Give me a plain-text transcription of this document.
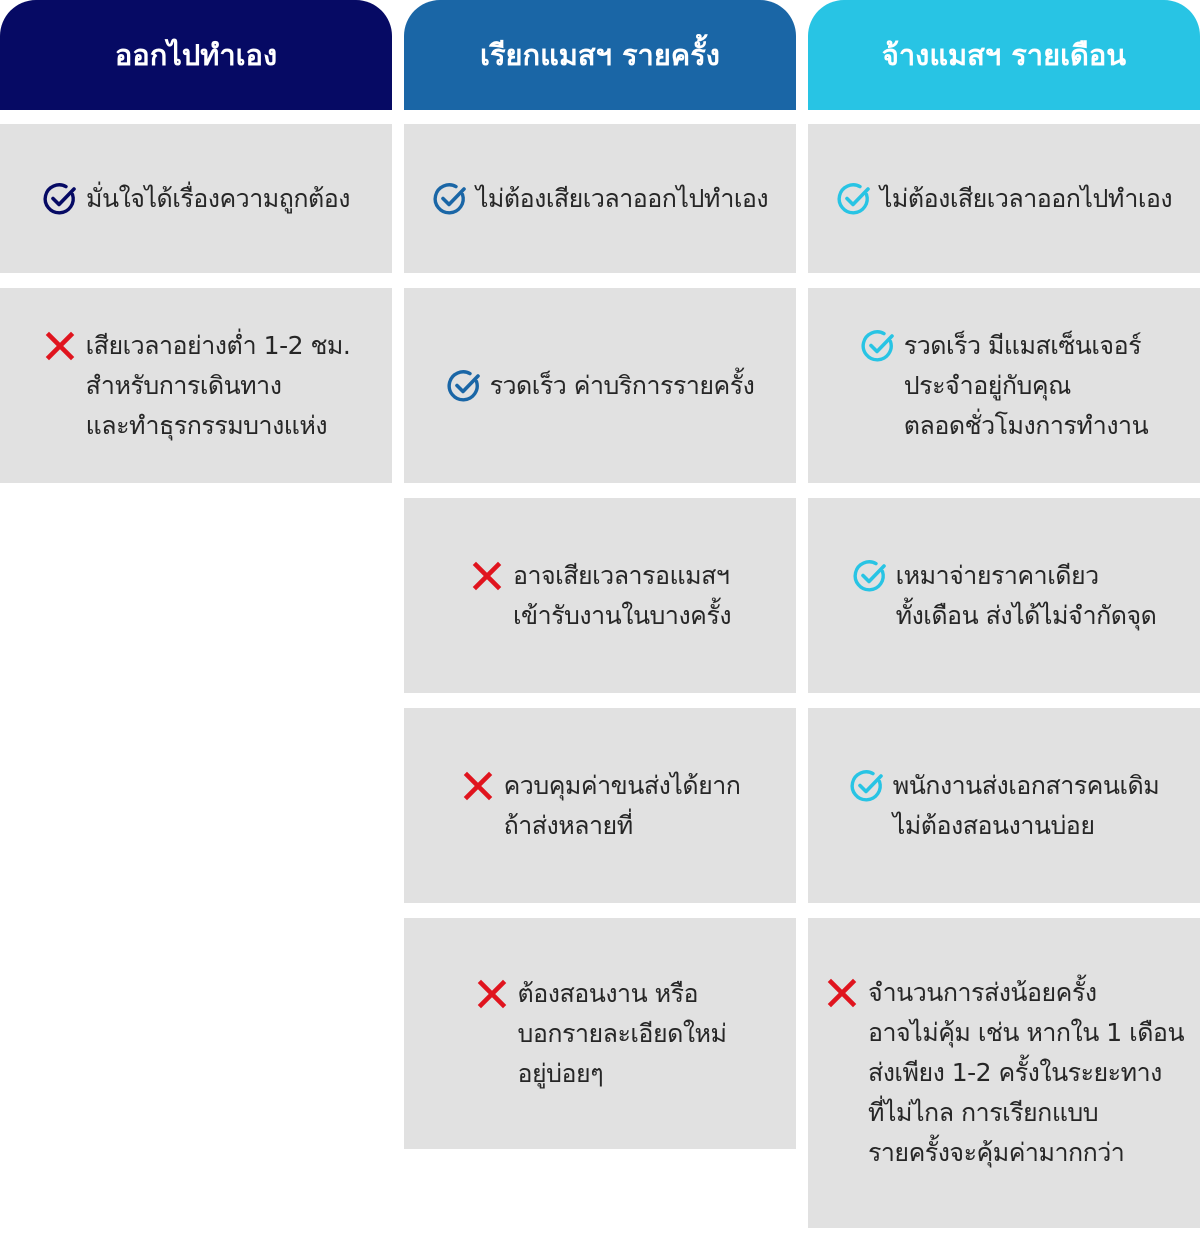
ออกไปทำเอง
มั่นใจได้เรื่องความถูกต้อง
เสียเวลาอย่างต่ำ 1-2 ชม.
สำหรับการเดินทาง
และทำธุรกรรมบางแห่ง
เรียกแมสฯ รายครั้ง
ไม่ต้องเสียเวลาออกไปทำเอง
รวดเร็ว ค่าบริการรายครั้ง
อาจเสียเวลารอแมสฯ
เข้ารับงานในบางครั้ง
ควบคุมค่าขนส่งได้ยาก
ถ้าส่งหลายที่
ต้องสอนงาน หรือ
บอกรายละเอียดใหม่
อยู่บ่อยๆ
จ้างแมสฯ รายเดือน
ไม่ต้องเสียเวลาออกไปทำเอง
รวดเร็ว มีแมสเซ็นเจอร์
ประจำอยู่กับคุณ
ตลอดชั่วโมงการทำงาน
เหมาจ่ายราคาเดียว
ทั้งเดือน ส่งได้ไม่จำกัดจุด
พนักงานส่งเอกสารคนเดิม
ไม่ต้องสอนงานบ่อย
จำนวนการส่งน้อยครั้ง
อาจไม่คุ้ม เช่น หากใน 1 เดือน
ส่งเพียง 1-2 ครั้งในระยะทาง
ที่ไม่ไกล การเรียกแบบ
รายครั้งจะคุ้มค่ามากกว่า
